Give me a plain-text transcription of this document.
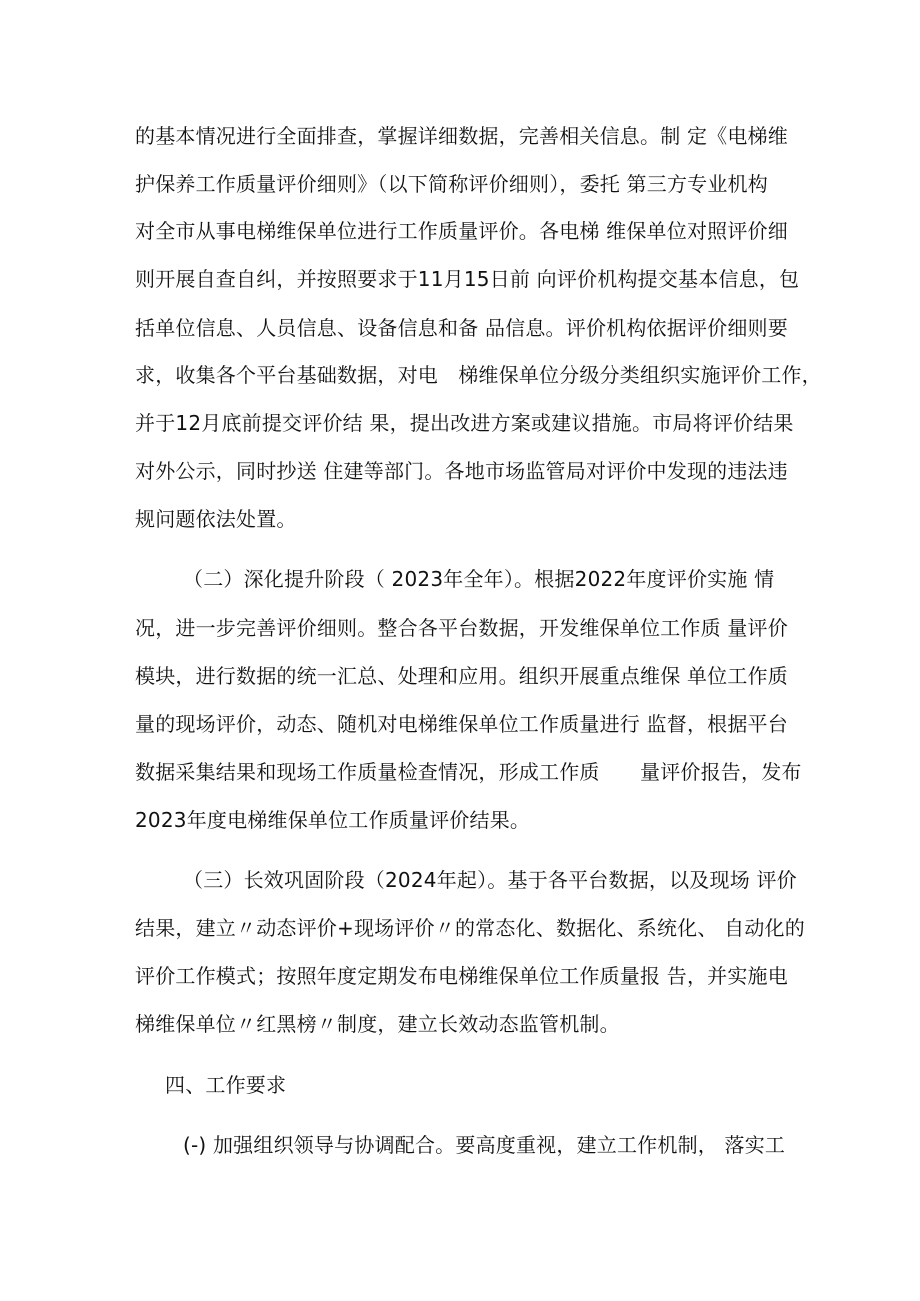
的基本情况进行全面排查，掌握详细数据，完善相关信息。制 定《电梯维
护保养工作质量评价细则》（以下简称评价细则），委托 第三方专业机构
对全市从事电梯维保单位进行工作质量评价。各电梯 维保单位对照评价细
则开展自查自纠，并按照要求于11月15日前 向评价机构提交基本信息，包
括单位信息、人员信息、设备信息和备 品信息。评价机构依据评价细则要
求，收集各个平台基础数据，对电　梯维保单位分级分类组织实施评价工作，
并于12月底前提交评价结 果，提出改进方案或建议措施。市局将评价结果
对外公示，同时抄送 住建等部门。各地市场监管局对评价中发现的违法违
规问题依法处置。
（二）深化提升阶段（ 2023年全年）。根据2022年度评价实施 情
况，进一步完善评价细则。整合各平台数据，开发维保单位工作质 量评价
模块，进行数据的统一汇总、处理和应用。组织开展重点维保 单位工作质
量的现场评价，动态、随机对电梯维保单位工作质量进行 监督，根据平台
数据采集结果和现场工作质量检查情况，形成工作质　　量评价报告，发布
2023年度电梯维保单位工作质量评价结果。
（三）长效巩固阶段（2024年起）。基于各平台数据，以及现场 评价
结果，建立〃动态评价+现场评价〃的常态化、数据化、系统化、 自动化的
评价工作模式；按照年度定期发布电梯维保单位工作质量报 告，并实施电
梯维保单位〃红黑榜〃制度，建立长效动态监管机制。
四、工作要求
(-) 加强组织领导与协调配合。要高度重视，建立工作机制， 落实工
